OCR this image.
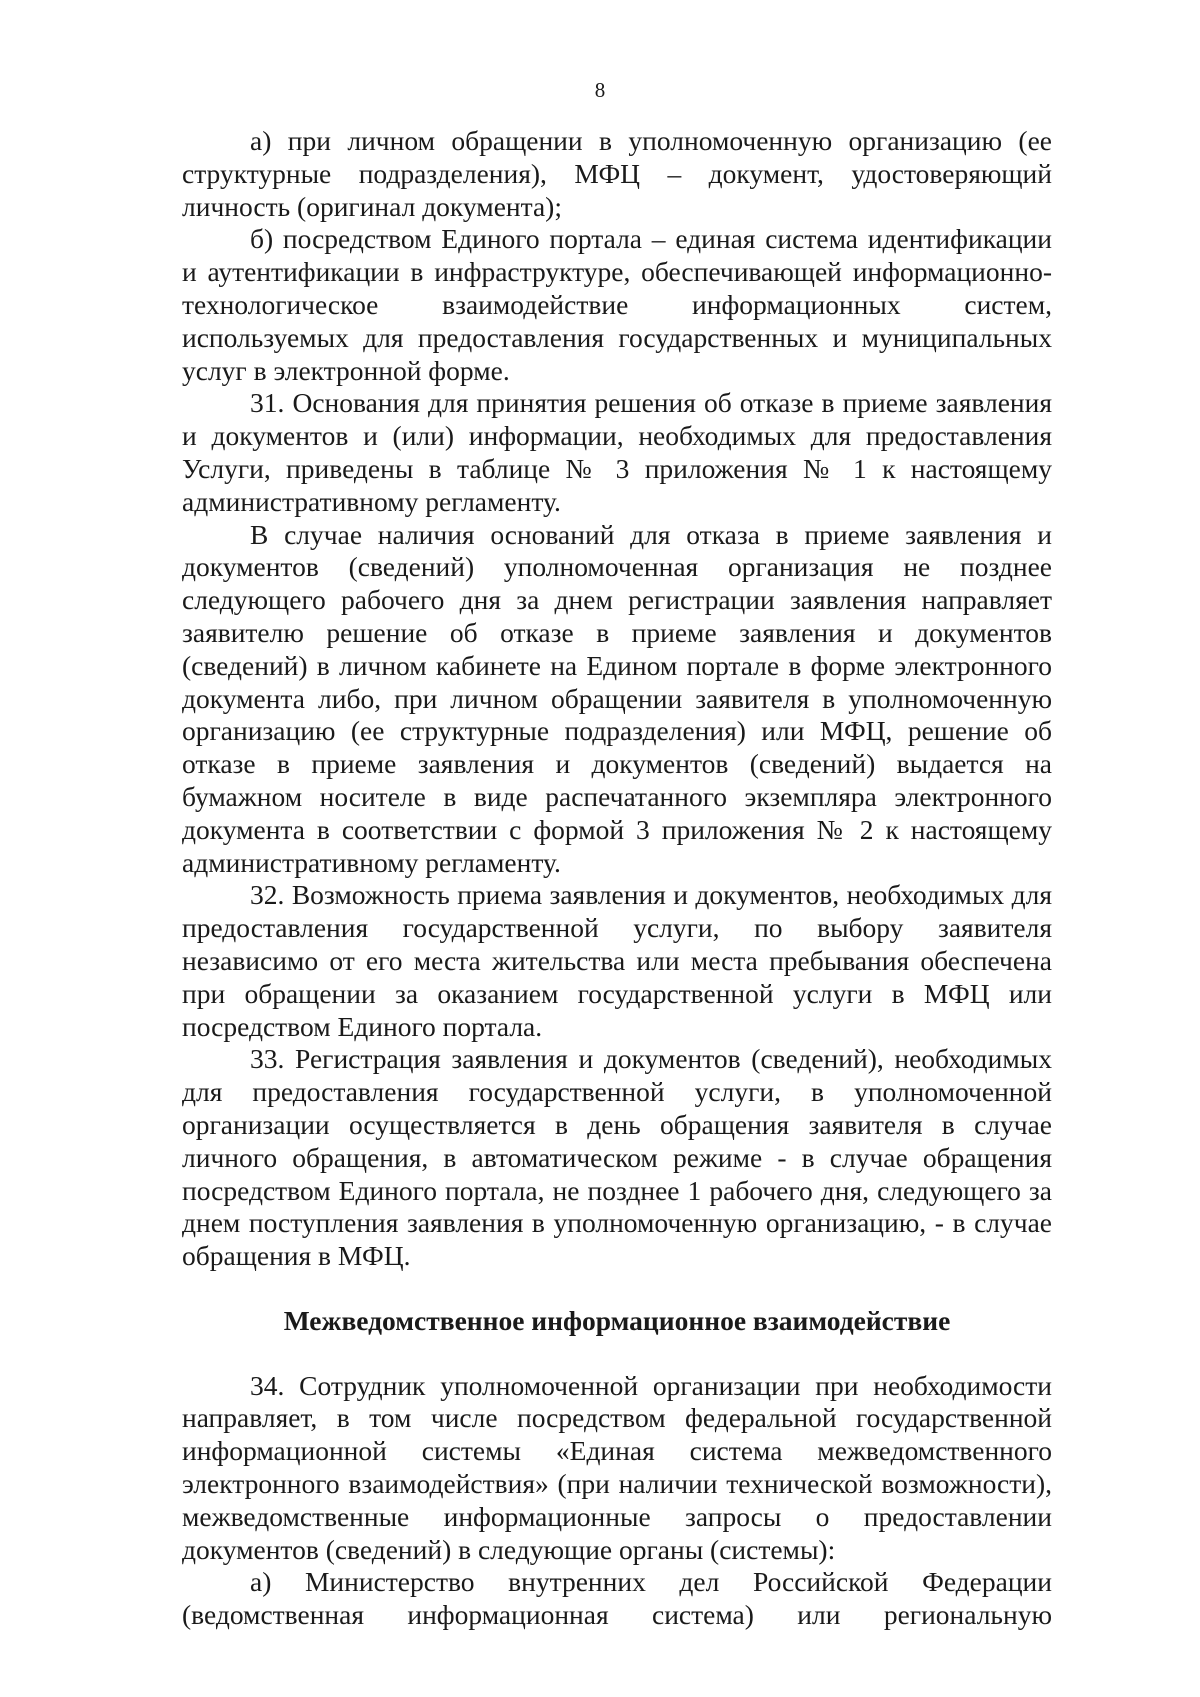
8

а) при личном обращении в уполномоченную организацию (ее структурные подразделения), МФЦ – документ, удостоверяющий личность (оригинал документа);

б) посредством Единого портала – единая система идентификации и аутентификации в инфраструктуре, обеспечивающей информационно-технологическое взаимодействие информационных систем, используемых для предоставления государственных и муниципальных услуг в электронной форме.

31. Основания для принятия решения об отказе в приеме заявления и документов и (или) информации, необходимых для предоставления Услуги, приведены в таблице № 3 приложения № 1 к настоящему административному регламенту.

В случае наличия оснований для отказа в приеме заявления и документов (сведений) уполномоченная организация не позднее следующего рабочего дня за днем регистрации заявления направляет заявителю решение об отказе в приеме заявления и документов (сведений) в личном кабинете на Едином портале в форме электронного документа либо, при личном обращении заявителя в уполномоченную организацию (ее структурные подразделения) или МФЦ, решение об отказе в приеме заявления и документов (сведений) выдается на бумажном носителе в виде распечатанного экземпляра электронного документа в соответствии с формой 3 приложения № 2 к настоящему административному регламенту.

32. Возможность приема заявления и документов, необходимых для предоставления государственной услуги, по выбору заявителя независимо от его места жительства или места пребывания обеспечена при обращении за оказанием государственной услуги в МФЦ или посредством Единого портала.

33. Регистрация заявления и документов (сведений), необходимых для предоставления государственной услуги, в уполномоченной организации осуществляется в день обращения заявителя в случае личного обращения, в автоматическом режиме - в случае обращения посредством Единого портала, не позднее 1 рабочего дня, следующего за днем поступления заявления в уполномоченную организацию, - в случае обращения в МФЦ.

Межведомственное информационное взаимодействие

34. Сотрудник уполномоченной организации при необходимости направляет, в том числе посредством федеральной государственной информационной системы «Единая система межведомственного электронного взаимодействия» (при наличии технической возможности), межведомственные информационные запросы о предоставлении документов (сведений) в следующие органы (системы):

а) Министерство внутренних дел Российской Федерации (ведомственная информационная система) или региональную
